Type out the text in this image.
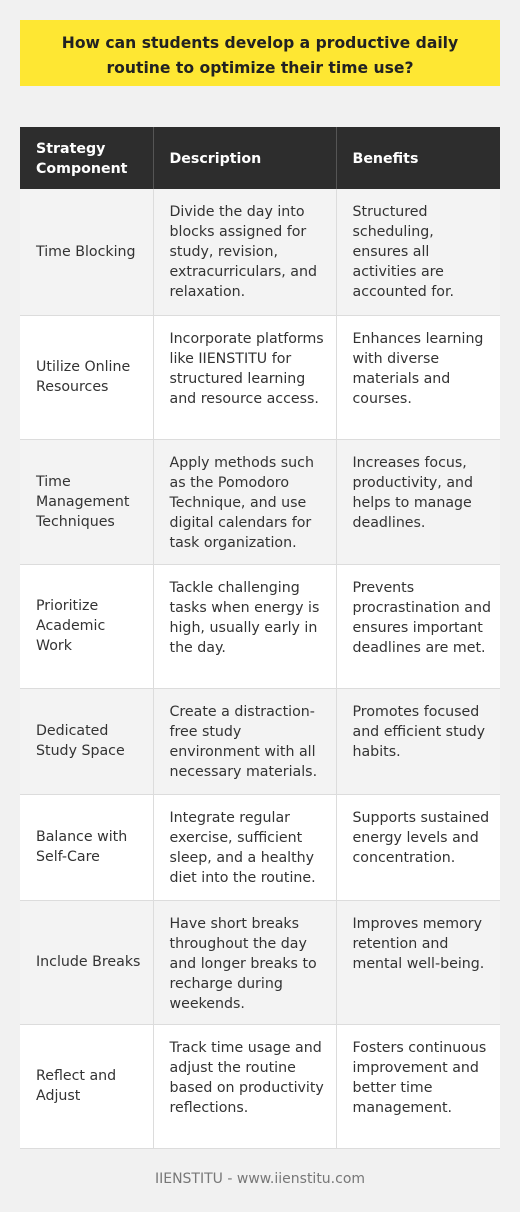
How can students develop a productive daily routine to optimize their time use?
Strategy Component	Description	Benefits
Time Blocking	Divide the day into blocks assigned for study, revision, extracurriculars, and relaxation.	Structured scheduling, ensures all activities are accounted for.

Utilize Online Resources	Incorporate platforms like IIENSTITU for structured learning and resource access.	Enhances learning with diverse materials and courses.

Time Management Techniques	Apply methods such as the Pomodoro Technique, and use digital calendars for task organization.	Increases focus, productivity, and helps to manage deadlines.

Prioritize Academic Work	Tackle challenging tasks when energy is high, usually early in the day.	Prevents procrastination and ensures important deadlines are met.

Dedicated Study Space	Create a distraction-free study environment with all necessary materials.	Promotes focused and efficient study habits.

Balance with Self-Care	Integrate regular exercise, sufficient sleep, and a healthy diet into the routine.	Supports sustained energy levels and concentration.

Include Breaks	Have short breaks throughout the day and longer breaks to recharge during weekends.	Improves memory retention and mental well-being.

Reflect and Adjust	Track time usage and adjust the routine based on productivity reflections.	Fosters continuous improvement and better time management.
IIENSTITU - www.iienstitu.com
